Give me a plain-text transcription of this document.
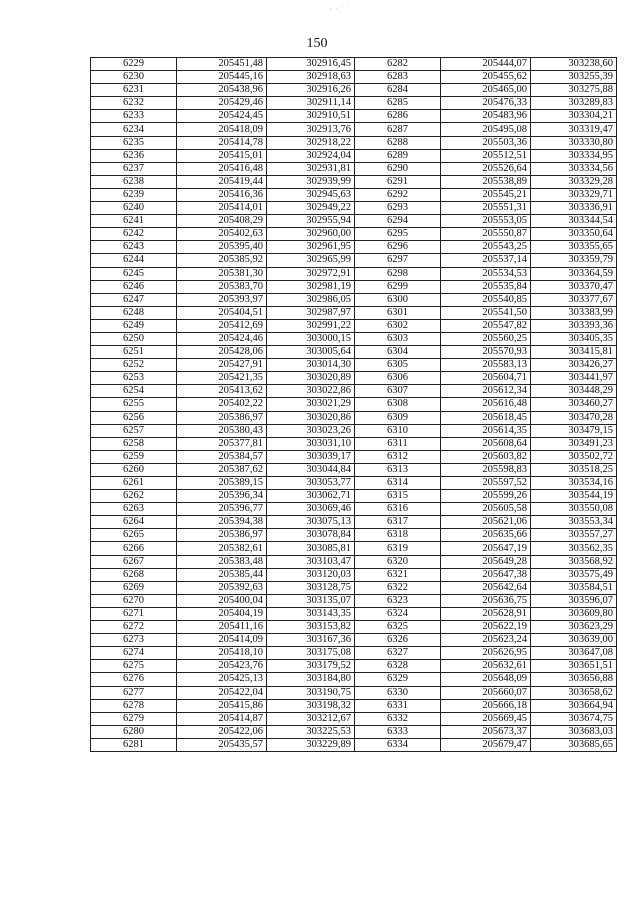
, . · ·
150
6229	205451,48	302916,45	6282	205444,07	303238,60
6230	205445,16	302918,63	6283	205455,62	303255,39
6231	205438,96	302916,26	6284	205465,00	303275,88
6232	205429,46	302911,14	6285	205476,33	303289,83
6233	205424,45	302910,51	6286	205483,96	303304,21
6234	205418,09	302913,76	6287	205495,08	303319,47
6235	205414,78	302918,22	6288	205503,36	303330,80
6236	205415,01	302924,04	6289	205512,51	303334,95
6237	205416,48	302931,81	6290	205526,64	303334,56
6238	205419,44	302939,99	6291	205538,89	303329,28
6239	205416,36	302945,63	6292	205545,21	303329,71
6240	205414,01	302949,22	6293	205551,31	303336,91
6241	205408,29	302955,94	6294	205553,05	303344,54
6242	205402,63	302960,00	6295	205550,87	303350,64
6243	205395,40	302961,95	6296	205543,25	303355,65
6244	205385,92	302965,99	6297	205537,14	303359,79
6245	205381,30	302972,91	6298	205534,53	303364,59
6246	205383,70	302981,19	6299	205535,84	303370,47
6247	205393,97	302986,05	6300	205540,85	303377,67
6248	205404,51	302987,97	6301	205541,50	303383,99
6249	205412,69	302991,22	6302	205547,82	303393,36
6250	205424,46	303000,15	6303	205560,25	303405,35
6251	205428,06	303005,64	6304	205570,93	303415,81
6252	205427,91	303014,30	6305	205583,13	303426,27
6253	205421,35	303020,89	6306	205604,71	303441,97
6254	205413,62	303022,86	6307	205612,34	303448,29
6255	205402,22	303021,29	6308	205616,48	303460,27
6256	205386,97	303020,86	6309	205618,45	303470,28
6257	205380,43	303023,26	6310	205614,35	303479,15
6258	205377,81	303031,10	6311	205608,64	303491,23
6259	205384,57	303039,17	6312	205603,82	303502,72
6260	205387,62	303044,84	6313	205598,83	303518,25
6261	205389,15	303053,77	6314	205597,52	303534,16
6262	205396,34	303062,71	6315	205599,26	303544,19
6263	205396,77	303069,46	6316	205605,58	303550,08
6264	205394,38	303075,13	6317	205621,06	303553,34
6265	205386,97	303078,84	6318	205635,66	303557,27
6266	205382,61	303085,81	6319	205647,19	303562,35
6267	205383,48	303103,47	6320	205649,28	303568,92
6268	205385,44	303120,03	6321	205647,38	303575,49
6269	205392,63	303128,75	6322	205642,64	303584,51
6270	205400,04	303135,07	6323	205636,75	303596,07
6271	205404,19	303143,35	6324	205628,91	303609,80
6272	205411,16	303153,82	6325	205622,19	303623,29
6273	205414,09	303167,36	6326	205623,24	303639,00
6274	205418,10	303175,08	6327	205626,95	303647,08
6275	205423,76	303179,52	6328	205632,61	303651,51
6276	205425,13	303184,80	6329	205648,09	303656,88
6277	205422,04	303190,75	6330	205660,07	303658,62
6278	205415,86	303198,32	6331	205666,18	303664,94
6279	205414,87	303212,67	6332	205669,45	303674,75
6280	205422,06	303225,53	6333	205673,37	303683,03
6281	205435,57	303229,89	6334	205679,47	303685,65
